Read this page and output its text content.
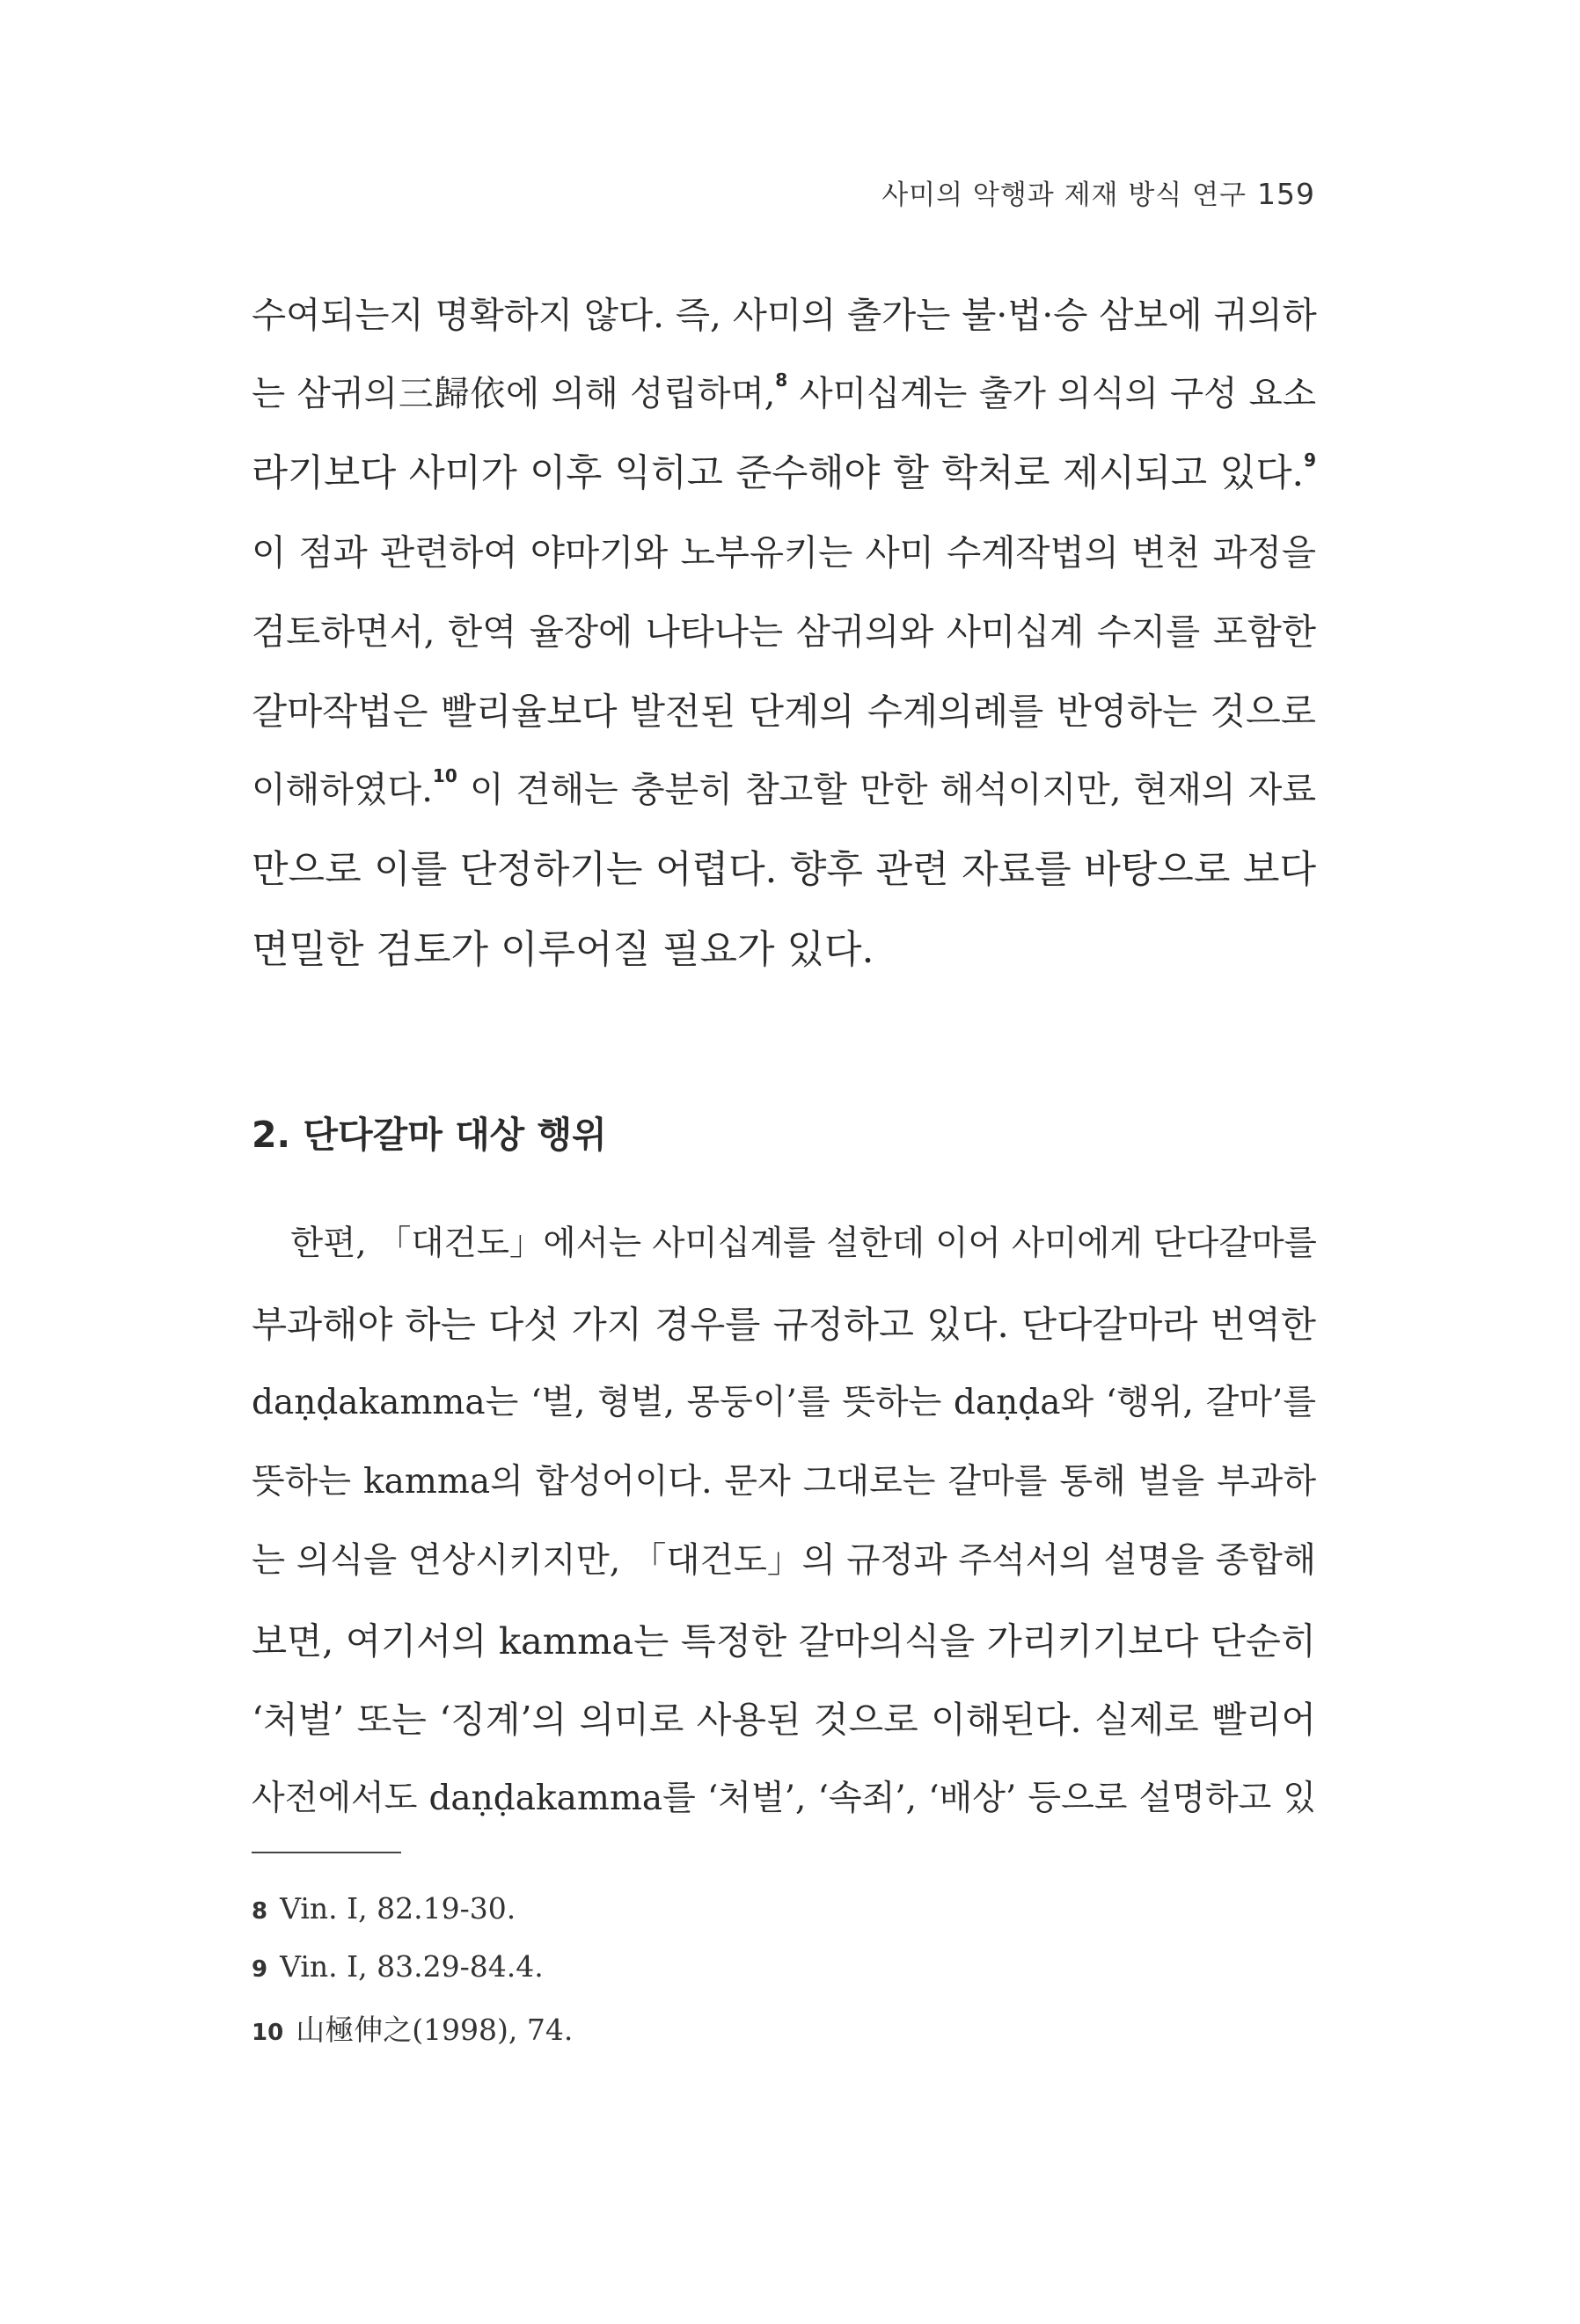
사미의 악행과 제재 방식 연구 159
수여되는지 명확하지 않다. 즉, 사미의 출가는 불·법·승 삼보에 귀의하
는 삼귀의三歸依에 의해 성립하며,$^8$ 사미십계는 출가 의식의 구성 요소
라기보다 사미가 이후 익히고 준수해야 할 학처로 제시되고 있다.$^9$
이 점과 관련하여 야마기와 노부유키는 사미 수계작법의 변천 과정을
검토하면서, 한역 율장에 나타나는 삼귀의와 사미십계 수지를 포함한
갈마작법은 빨리율보다 발전된 단계의 수계의례를 반영하는 것으로
이해하였다.$^{10}$ 이 견해는 충분히 참고할 만한 해석이지만, 현재의 자료
만으로 이를 단정하기는 어렵다. 향후 관련 자료를 바탕으로 보다
면밀한 검토가 이루어질 필요가 있다.
2. 단다갈마 대상 행위
한편, 「대건도」에서는 사미십계를 설한데 이어 사미에게 단다갈마를
부과해야 하는 다섯 가지 경우를 규정하고 있다. 단다갈마라 번역한
daṇḍakamma는 ‘벌, 형벌, 몽둥이’를 뜻하는 daṇḍa와 ‘행위, 갈마’를
뜻하는 kamma의 합성어이다. 문자 그대로는 갈마를 통해 벌을 부과하
는 의식을 연상시키지만, 「대건도」의 규정과 주석서의 설명을 종합해
보면, 여기서의 kamma는 특정한 갈마의식을 가리키기보다 단순히
‘처벌’ 또는 ‘징계’의 의미로 사용된 것으로 이해된다. 실제로 빨리어
사전에서도 daṇḍakamma를 ‘처벌’, ‘속죄’, ‘배상’ 등으로 설명하고 있
8 Vin. Ⅰ, 82.19-30.
9 Vin. Ⅰ, 83.29-84.4.
10 山極伸之(1998), 74.
